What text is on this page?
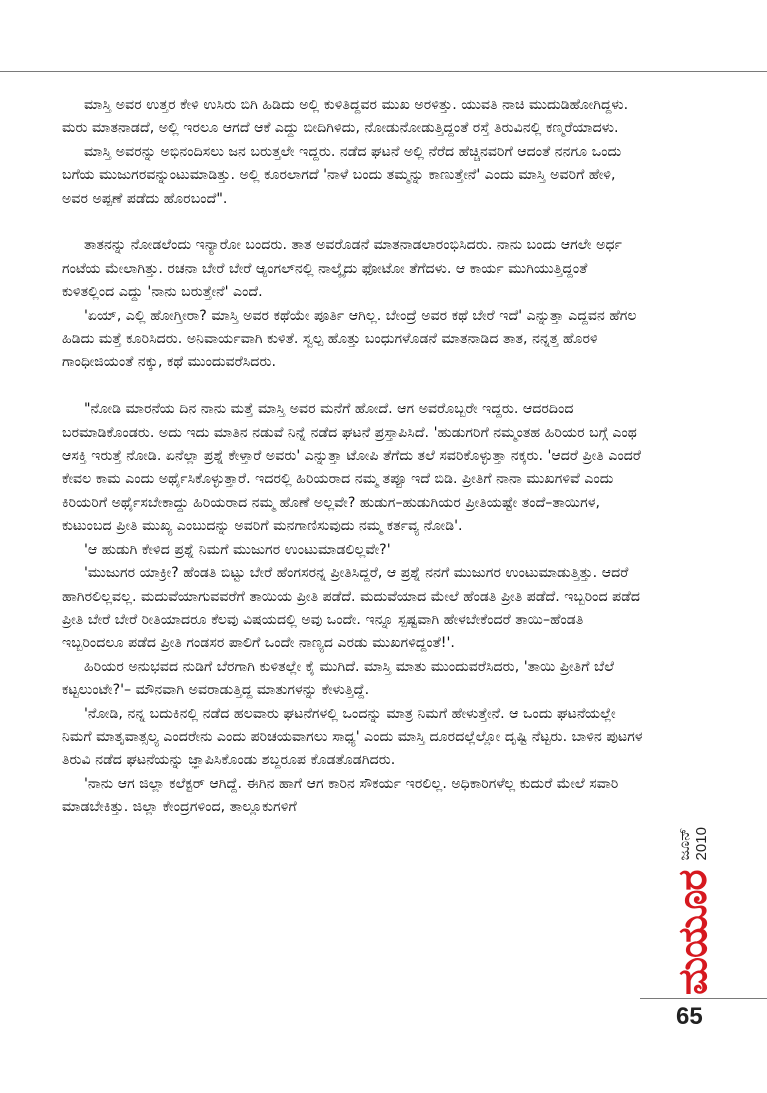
ಮಾಸ್ತಿ ಅವರ ಉತ್ತರ ಕೇಳಿ ಉಸಿರು ಬಿಗಿ ಹಿಡಿದು ಅಲ್ಲಿ ಕುಳಿತಿದ್ದವರ ಮುಖ ಅರಳಿತ್ತು. ಯುವತಿ ನಾಚಿ ಮುದುಡಿಹೋಗಿದ್ದಳು. ಮರು ಮಾತನಾಡದೆ, ಅಲ್ಲಿ ಇರಲೂ ಆಗದೆ ಆಕೆ ಎದ್ದು ಬೀದಿಗಿಳಿದು, ನೋಡುನೋಡುತ್ತಿದ್ದಂತೆ ರಸ್ತೆ ತಿರುವಿನಲ್ಲಿ ಕಣ್ಮರೆಯಾದಳು.

ಮಾಸ್ತಿ ಅವರನ್ನು ಅಭಿನಂದಿಸಲು ಜನ ಬರುತ್ತಲೇ ಇದ್ದರು. ನಡೆದ ಘಟನೆ ಅಲ್ಲಿ ನೆರೆದ ಹೆಚ್ಚಿನವರಿಗೆ ಆದಂತೆ ನನಗೂ ಒಂದು ಬಗೆಯ ಮುಜುಗರವನ್ನುಂಟುಮಾಡಿತ್ತು. ಅಲ್ಲಿ ಕೂರಲಾಗದೆ 'ನಾಳೆ ಬಂದು ತಮ್ಮನ್ನು ಕಾಣುತ್ತೇನೆ' ಎಂದು ಮಾಸ್ತಿ ಅವರಿಗೆ ಹೇಳಿ, ಅವರ ಅಪ್ಪಣೆ ಪಡೆದು ಹೊರಬಂದೆ".

ತಾತನನ್ನು ನೋಡಲೆಂದು ಇನ್ಯಾರೋ ಬಂದರು. ತಾತ ಅವರೊಡನೆ ಮಾತನಾಡಲಾರಂಭಿಸಿದರು. ನಾನು ಬಂದು ಆಗಲೇ ಅರ್ಧ ಗಂಟೆಯ ಮೇಲಾಗಿತ್ತು. ರಚನಾ ಬೇರೆ ಬೇರೆ ಆ್ಯಂಗಲ್‌ನಲ್ಲಿ ನಾಲ್ಕೈದು ಫೋಟೋ ತೆಗೆದಳು. ಆ ಕಾರ್ಯ ಮುಗಿಯುತ್ತಿದ್ದಂತೆ ಕುಳಿತಲ್ಲಿಂದ ಎದ್ದು 'ನಾನು ಬರುತ್ತೇನೆ' ಎಂದೆ.

'ಏಯ್, ಎಲ್ಲಿ ಹೋಗ್ತೀರಾ? ಮಾಸ್ತಿ ಅವರ ಕಥೆಯೇ ಪೂರ್ತಿ ಆಗಿಲ್ಲ. ಬೇಂದ್ರೆ ಅವರ ಕಥೆ ಬೇರೆ ಇದೆ' ಎನ್ನುತ್ತಾ ಎದ್ದವನ ಹೆಗಲ ಹಿಡಿದು ಮತ್ತೆ ಕೂರಿಸಿದರು. ಅನಿವಾರ್ಯವಾಗಿ ಕುಳಿತೆ. ಸ್ವಲ್ಪ ಹೊತ್ತು ಬಂಧುಗಳೊಡನೆ ಮಾತನಾಡಿದ ತಾತ, ನನ್ನತ್ತ ಹೊರಳಿ ಗಾಂಧೀಜಿಯಂತೆ ನಕ್ಕು, ಕಥೆ ಮುಂದುವರೆಸಿದರು.

"ನೋಡಿ ಮಾರನೆಯ ದಿನ ನಾನು ಮತ್ತೆ ಮಾಸ್ತಿ ಅವರ ಮನೆಗೆ ಹೋದೆ. ಆಗ ಅವರೊಬ್ಬರೇ ಇದ್ದರು. ಆದರದಿಂದ ಬರಮಾಡಿಕೊಂಡರು. ಅದು ಇದು ಮಾತಿನ ನಡುವೆ ನಿನ್ನೆ ನಡೆದ ಘಟನೆ ಪ್ರಸ್ತಾಪಿಸಿದೆ. 'ಹುಡುಗರಿಗೆ ನಮ್ಮಂತಹ ಹಿರಿಯರ ಬಗ್ಗೆ ಎಂಥ ಆಸಕ್ತಿ ಇರುತ್ತೆ ನೋಡಿ. ಏನೆಲ್ಲಾ ಪ್ರಶ್ನೆ ಕೇಳ್ತಾರೆ ಅವರು' ಎನ್ನುತ್ತಾ ಟೋಪಿ ತೆಗೆದು ತಲೆ ಸವರಿಕೊಳ್ಳುತ್ತಾ ನಕ್ಕರು. 'ಆದರೆ ಪ್ರೀತಿ ಎಂದರೆ ಕೇವಲ ಕಾಮ ಎಂದು ಅರ್ಥೈಸಿಕೊಳ್ಳುತ್ತಾರೆ. ಇದರಲ್ಲಿ ಹಿರಿಯರಾದ ನಮ್ಮ ತಪ್ಪೂ ಇದೆ ಬಿಡಿ. ಪ್ರೀತಿಗೆ ನಾನಾ ಮುಖಗಳಿವೆ ಎಂದು ಕಿರಿಯರಿಗೆ ಅರ್ಥೈಸಬೇಕಾದ್ದು ಹಿರಿಯರಾದ ನಮ್ಮ ಹೊಣೆ ಅಲ್ಲವೇ? ಹುಡುಗ–ಹುಡುಗಿಯರ ಪ್ರೀತಿಯಷ್ಟೇ ತಂದೆ–ತಾಯಿಗಳ, ಕುಟುಂಬದ ಪ್ರೀತಿ ಮುಖ್ಯ ಎಂಬುದನ್ನು ಅವರಿಗೆ ಮನಗಾಣಿಸುವುದು ನಮ್ಮ ಕರ್ತವ್ಯ ನೋಡಿ'.

'ಆ ಹುಡುಗಿ ಕೇಳಿದ ಪ್ರಶ್ನೆ ನಿಮಗೆ ಮುಜುಗರ ಉಂಟುಮಾಡಲಿಲ್ಲವೇ?'

'ಮುಜುಗರ ಯಾಕ್ರೀ? ಹೆಂಡತಿ ಬಿಟ್ಟು ಬೇರೆ ಹೆಂಗಸರನ್ನ ಪ್ರೀತಿಸಿದ್ದರೆ, ಆ ಪ್ರಶ್ನೆ ನನಗೆ ಮುಜುಗರ ಉಂಟುಮಾಡುತ್ತಿತ್ತು. ಆದರೆ ಹಾಗಿರಲಿಲ್ಲವಲ್ಲ. ಮದುವೆಯಾಗುವವರೆಗೆ ತಾಯಿಯ ಪ್ರೀತಿ ಪಡೆದೆ. ಮದುವೆಯಾದ ಮೇಲೆ ಹೆಂಡತಿ ಪ್ರೀತಿ ಪಡೆದೆ. ಇಬ್ಬರಿಂದ ಪಡೆದ ಪ್ರೀತಿ ಬೇರೆ ಬೇರೆ ರೀತಿಯಾದರೂ ಕೆಲವು ವಿಷಯದಲ್ಲಿ ಅವು ಒಂದೇ. ಇನ್ನೂ ಸ್ಪಷ್ಟವಾಗಿ ಹೇಳಬೇಕೆಂದರೆ ತಾಯಿ–ಹೆಂಡತಿ ಇಬ್ಬರಿಂದಲೂ ಪಡೆದ ಪ್ರೀತಿ ಗಂಡಸರ ಪಾಲಿಗೆ ಒಂದೇ ನಾಣ್ಯದ ಎರಡು ಮುಖಗಳಿದ್ದಂತೆ!'.

ಹಿರಿಯರ ಅನುಭವದ ನುಡಿಗೆ ಬೆರಗಾಗಿ ಕುಳಿತಲ್ಲೇ ಕೈ ಮುಗಿದೆ. ಮಾಸ್ತಿ ಮಾತು ಮುಂದುವರೆಸಿದರು, 'ತಾಯಿ ಪ್ರೀತಿಗೆ ಬೆಲೆ ಕಟ್ಟಲುಂಟೇ?'– ಮೌನವಾಗಿ ಅವರಾಡುತ್ತಿದ್ದ ಮಾತುಗಳನ್ನು ಕೇಳುತ್ತಿದ್ದೆ.

'ನೋಡಿ, ನನ್ನ ಬದುಕಿನಲ್ಲಿ ನಡೆದ ಹಲವಾರು ಘಟನೆಗಳಲ್ಲಿ ಒಂದನ್ನು ಮಾತ್ರ ನಿಮಗೆ ಹೇಳುತ್ತೇನೆ. ಆ ಒಂದು ಘಟನೆಯಲ್ಲೇ ನಿಮಗೆ ಮಾತೃವಾತ್ಸಲ್ಯ ಎಂದರೇನು ಎಂದು ಪರಿಚಯವಾಗಲು ಸಾಧ್ಯ' ಎಂದು ಮಾಸ್ತಿ ದೂರದಲ್ಲೆಲ್ಲೋ ದೃಷ್ಟಿ ನೆಟ್ಟರು. ಬಾಳಿನ ಪುಟಗಳ ತಿರುವಿ ನಡೆದ ಘಟನೆಯನ್ನು ಜ್ಞಾಪಿಸಿಕೊಂಡು ಶಬ್ದರೂಪ ಕೊಡತೊಡಗಿದರು.

'ನಾನು ಆಗ ಜಿಲ್ಲಾ ಕಲೆಕ್ಟರ್ ಆಗಿದ್ದೆ. ಈಗಿನ ಹಾಗೆ ಆಗ ಕಾರಿನ ಸೌಕರ್ಯ ಇರಲಿಲ್ಲ. ಅಧಿಕಾರಿಗಳೆಲ್ಲ ಕುದುರೆ ಮೇಲೆ ಸವಾರಿ ಮಾಡಬೇಕಿತ್ತು. ಜಿಲ್ಲಾ ಕೇಂದ್ರಗಳಿಂದ, ತಾಲ್ಲೂಕುಗಳಿಗೆ

ಮಯೂರ
ಜೂನ್ 2010
65
